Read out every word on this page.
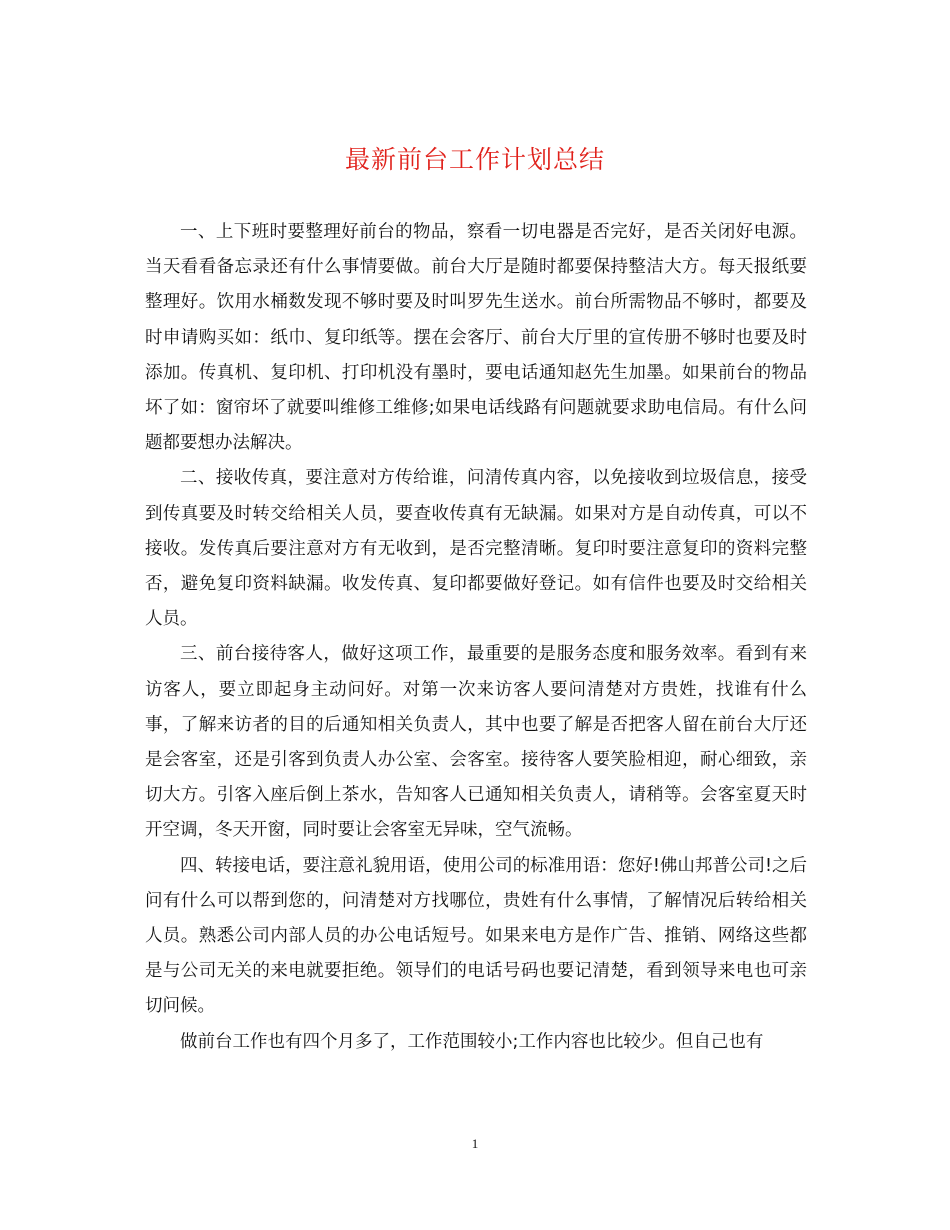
最新前台工作计划总结

一、上下班时要整理好前台的物品，察看一切电器是否完好，是否关闭好电源。当天看看备忘录还有什么事情要做。前台大厅是随时都要保持整洁大方。每天报纸要整理好。饮用水桶数发现不够时要及时叫罗先生送水。前台所需物品不够时，都要及时申请购买如：纸巾、复印纸等。摆在会客厅、前台大厅里的宣传册不够时也要及时添加。传真机、复印机、打印机没有墨时，要电话通知赵先生加墨。如果前台的物品坏了如：窗帘坏了就要叫维修工维修;如果电话线路有问题就要求助电信局。有什么问题都要想办法解决。

二、接收传真，要注意对方传给谁，问清传真内容，以免接收到垃圾信息，接受到传真要及时转交给相关人员，要查收传真有无缺漏。如果对方是自动传真，可以不接收。发传真后要注意对方有无收到，是否完整清晰。复印时要注意复印的资料完整否，避免复印资料缺漏。收发传真、复印都要做好登记。如有信件也要及时交给相关人员。

三、前台接待客人，做好这项工作，最重要的是服务态度和服务效率。看到有来访客人，要立即起身主动问好。对第一次来访客人要问清楚对方贵姓，找谁有什么事，了解来访者的目的后通知相关负责人，其中也要了解是否把客人留在前台大厅还是会客室，还是引客到负责人办公室、会客室。接待客人要笑脸相迎，耐心细致，亲切大方。引客入座后倒上茶水，告知客人已通知相关负责人，请稍等。会客室夏天时开空调，冬天开窗，同时要让会客室无异味，空气流畅。

四、转接电话，要注意礼貌用语，使用公司的标准用语：您好!佛山邦普公司!之后问有什么可以帮到您的，问清楚对方找哪位，贵姓有什么事情，了解情况后转给相关人员。熟悉公司内部人员的办公电话短号。如果来电方是作广告、推销、网络这些都是与公司无关的来电就要拒绝。领导们的电话号码也要记清楚，看到领导来电也可亲切问候。

做前台工作也有四个月多了，工作范围较小;工作内容也比较少。但自己也有

1
